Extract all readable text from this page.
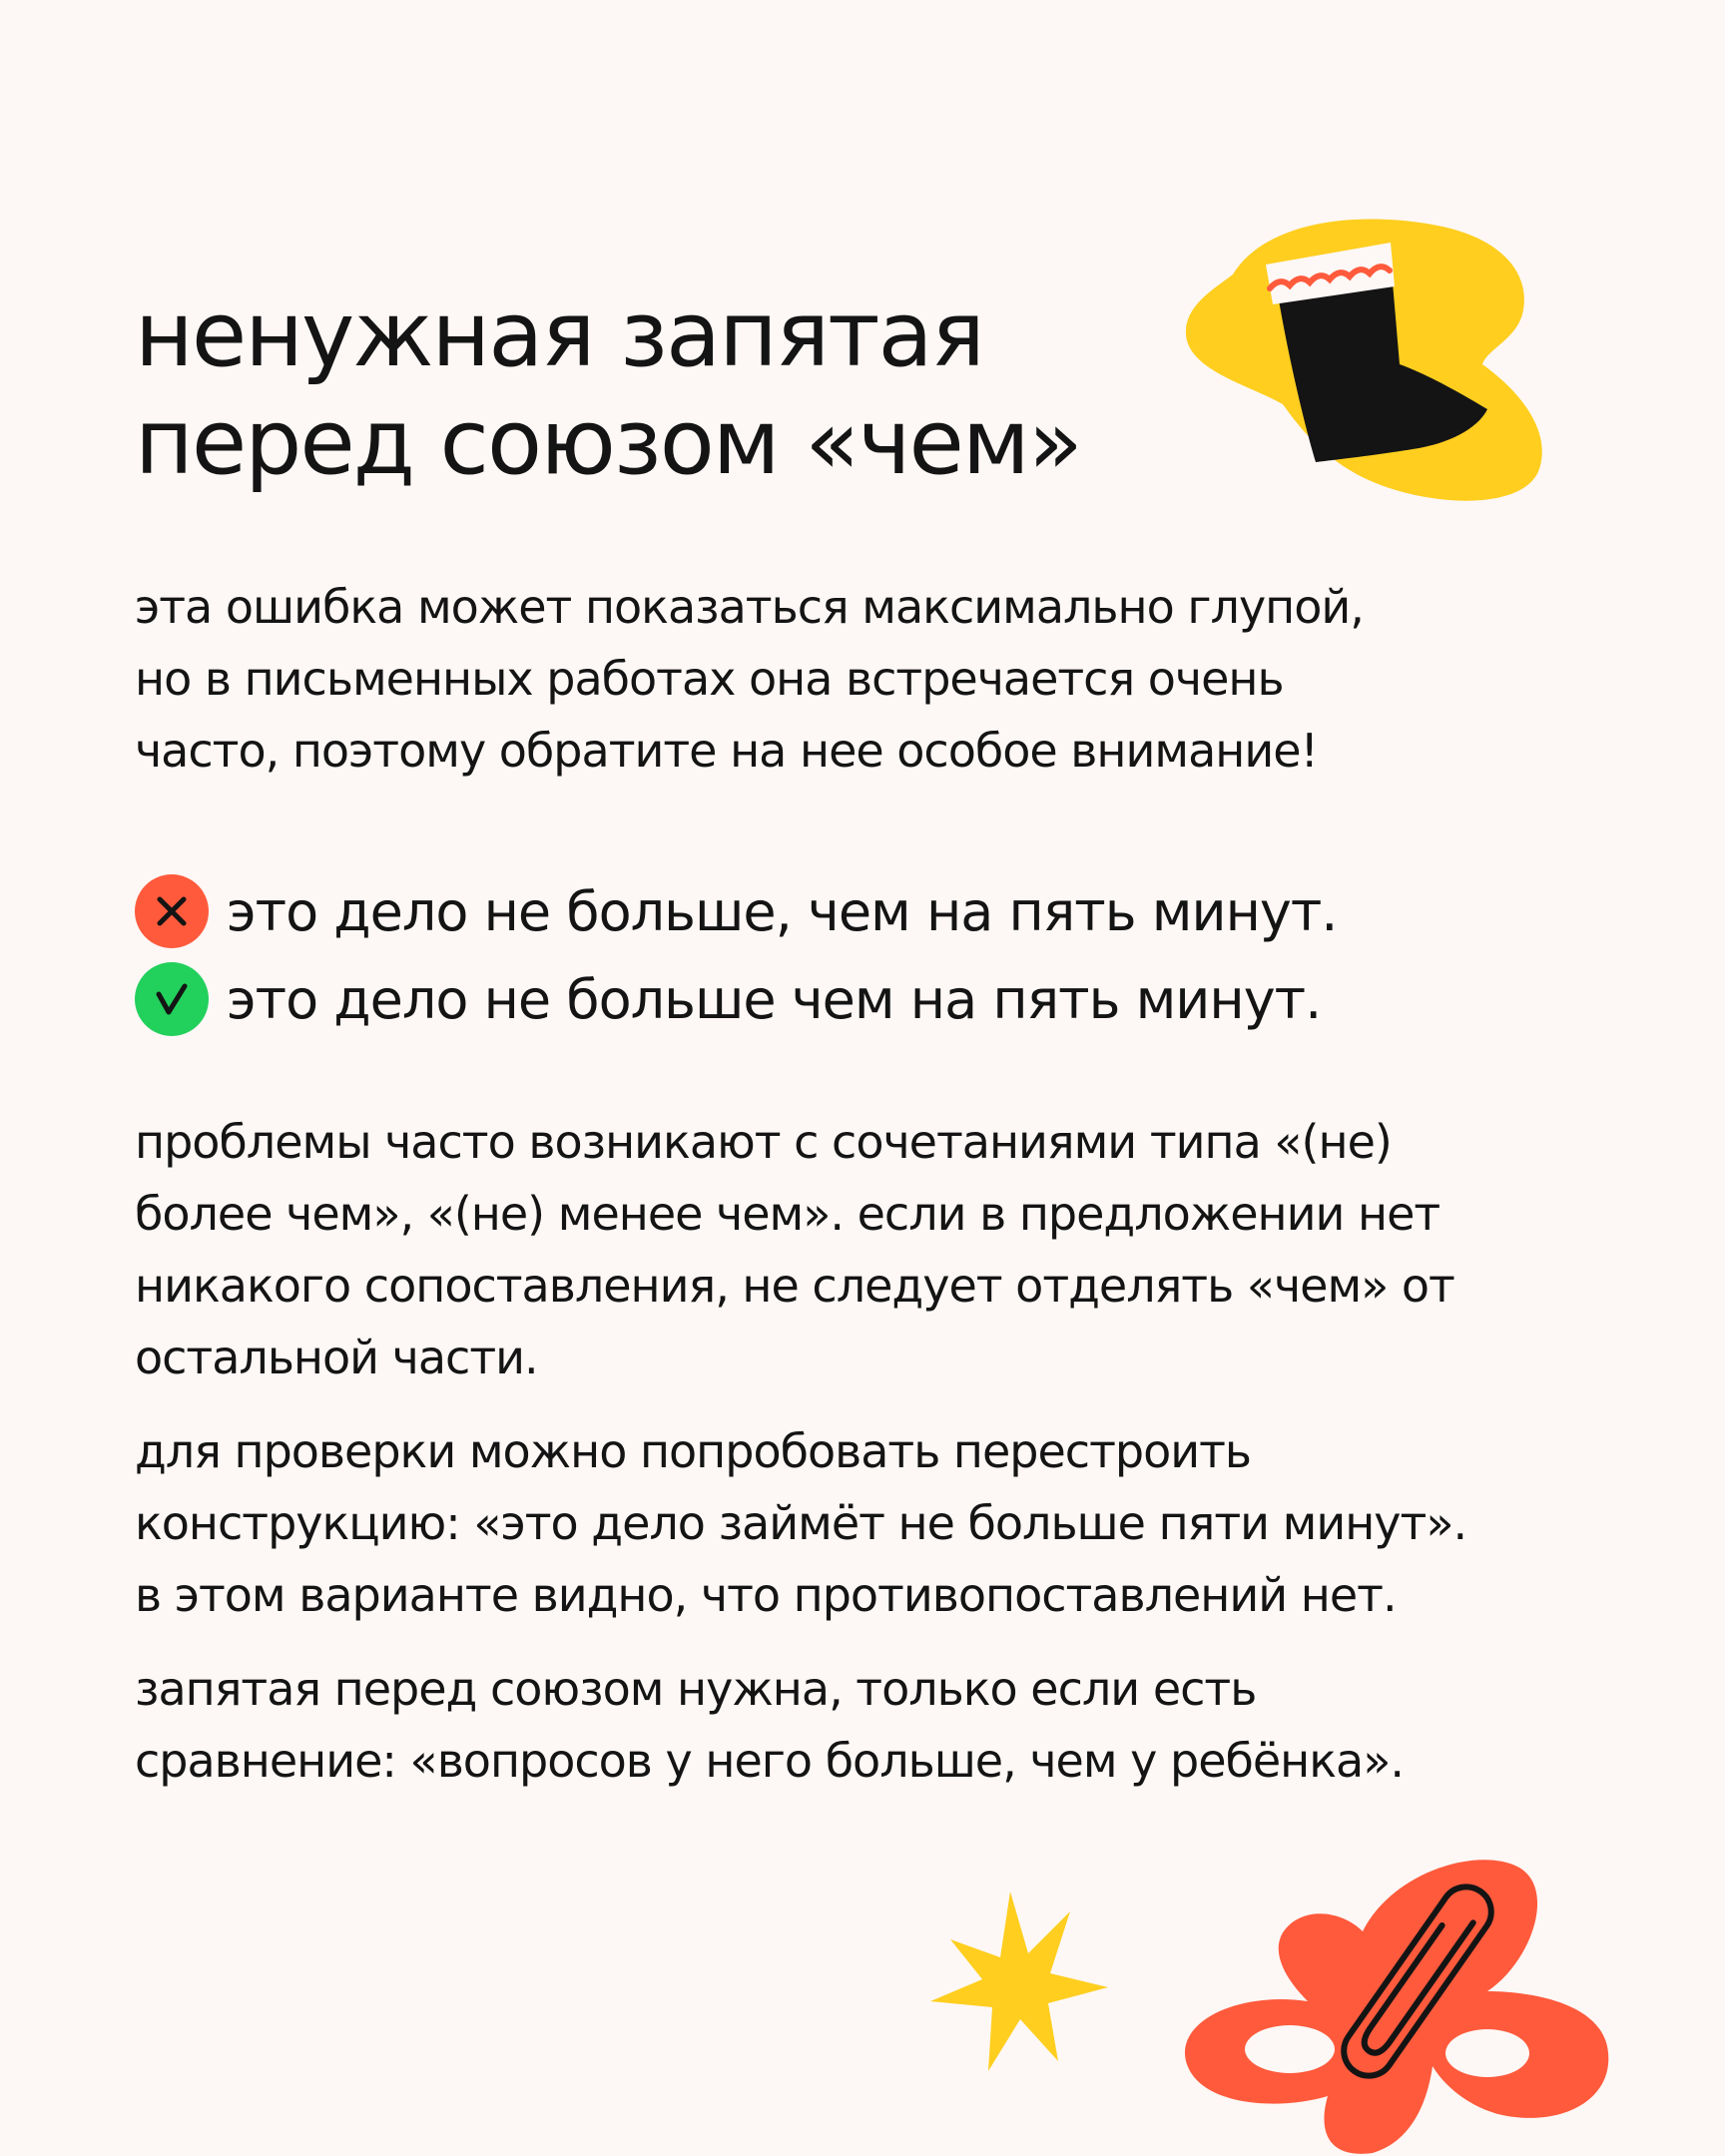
ненужная запятая
перед союзом «чем»

эта ошибка может показаться максимально глупой,
но в письменных работах она встречается очень
часто, поэтому обратите на нее особое внимание!

это дело не больше, чем на пять минут.
это дело не больше чем на пять минут.

проблемы часто возникают с сочетаниями типа «(не)
более чем», «(не) менее чем». если в предложении нет
никакого сопоставления, не следует отделять «чем» от
остальной части.

для проверки можно попробовать перестроить
конструкцию: «это дело займёт не больше пяти минут».
в этом варианте видно, что противопоставлений нет.

запятая перед союзом нужна, только если есть
сравнение: «вопросов у него больше, чем у ребёнка».
